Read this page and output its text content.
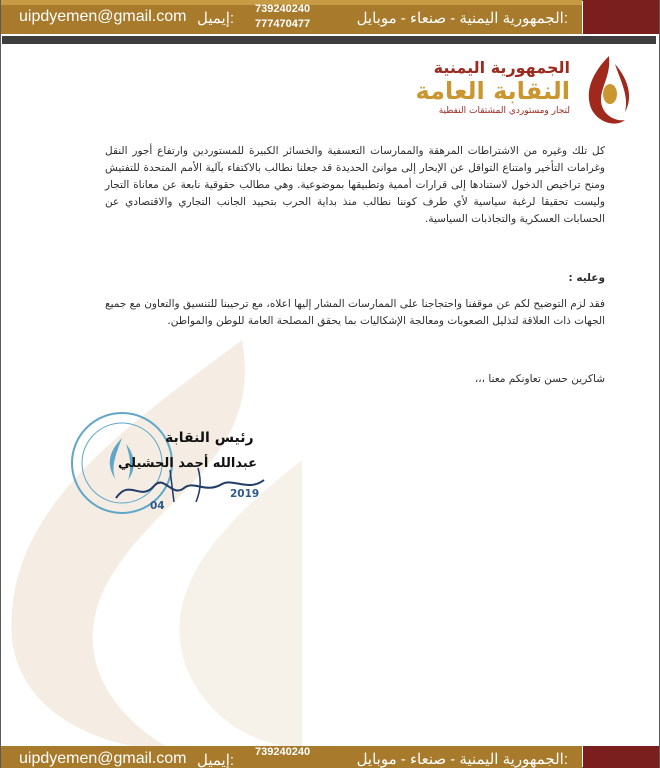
الجمهورية اليمنية - صنعاء - موبايل:
739240240
777470477
إيميل:
uipdyemen@gmail.com
الجمهورية اليمنية
النقابة العامة
لتجار ومستوردي المشتقات النفطية
كل تلك وغيره من الاشتراطات المرهقة والممارسات التعسفية والخسائر الكبيرة للمستوردين وارتفاع أجور النقل وغرامات التأخير وامتناع التواقل عن الإبحار إلى موانئ الحديدة قد جعلنا نطالب بالاكتفاء بآلية الأمم المتحدة للتفتيش ومنح تراخيص الدخول لاستنادها إلى قرارات أممية وتطبيقها بموضوعية. وهي مطالب حقوقية نابعة عن معاناة التجار وليست تحقيقا لرغبة سياسية لأي طرف كوننا نطالب منذ بداية الحرب بتحييد الجانب التجاري والاقتصادي عن الحسابات العسكرية والتجاذبات السياسية.
وعليه :
فقد لزم التوضيح لكم عن موقفنا واحتجاجنا على الممارسات المشار إليها اعلاه، مع ترحيبنا للتنسيق والتعاون مع جميع الجهات ذات العلاقة لتذليل الصعوبات ومعالجة الإشكاليات بما يحقق المصلحة العامة للوطن والمواطن.
شاكرين حسن تعاونكم معنا ،،،
رئيس النقابة
عبدالله أحمد الحشيلي
04
2019
الجمهورية اليمنية - صنعاء - موبايل:
739240240
إيميل:
uipdyemen@gmail.com
